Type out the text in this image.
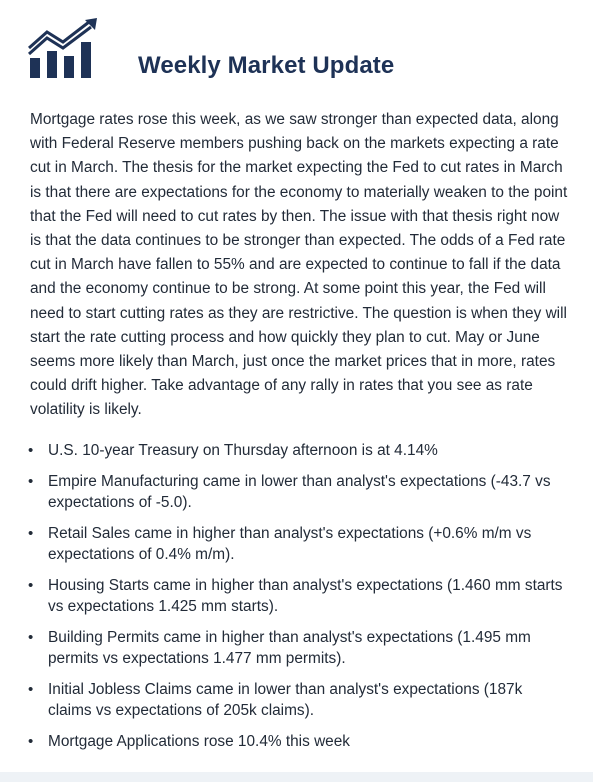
Weekly Market Update

Mortgage rates rose this week, as we saw stronger than expected data, along with Federal Reserve members pushing back on the markets expecting a rate cut in March. The thesis for the market expecting the Fed to cut rates in March is that there are expectations for the economy to materially weaken to the point that the Fed will need to cut rates by then. The issue with that thesis right now is that the data continues to be stronger than expected. The odds of a Fed rate cut in March have fallen to 55% and are expected to continue to fall if the data and the economy continue to be strong. At some point this year, the Fed will need to start cutting rates as they are restrictive. The question is when they will start the rate cutting process and how quickly they plan to cut. May or June seems more likely than March, just once the market prices that in more, rates could drift higher. Take advantage of any rally in rates that you see as rate volatility is likely.

• U.S. 10-year Treasury on Thursday afternoon is at 4.14%
• Empire Manufacturing came in lower than analyst's expectations (-43.7 vs expectations of -5.0).
• Retail Sales came in higher than analyst's expectations (+0.6% m/m vs expectations of 0.4% m/m).
• Housing Starts came in higher than analyst's expectations (1.460 mm starts vs expectations 1.425 mm starts).
• Building Permits came in higher than analyst's expectations (1.495 mm permits vs expectations 1.477 mm permits).
• Initial Jobless Claims came in lower than analyst's expectations (187k claims vs expectations of 205k claims).
• Mortgage Applications rose 10.4% this week
